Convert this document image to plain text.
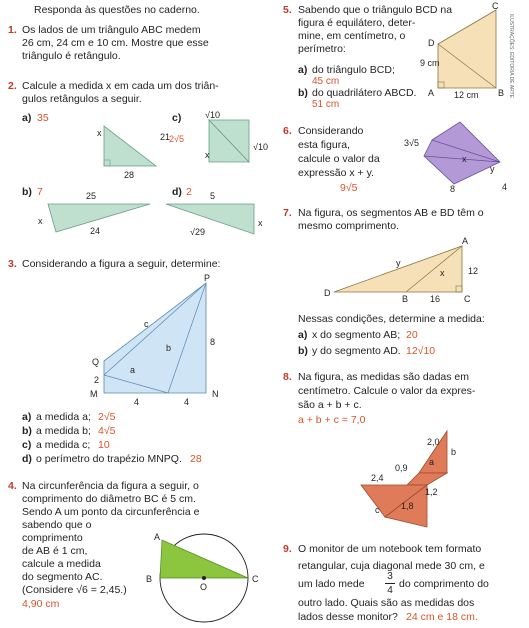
Responda às questões no caderno.
1. Os lados de um triângulo ABC medem
26 cm, 24 cm e 10 cm. Mostre que esse
triângulo é retângulo.
2. Calcule a medida x em cada um dos triân-
gulos retângulos a seguir.
a) 35
x	21
28
c)	√10
2√5
x
√10
b) 7	25
x
24
d) 2 5
√29
x
3. Considerando a figura a seguir, determine:
P
Q
M	N
c
b
a
8
2
4	4
a) a medida a; 2√5
b) a medida b; 4√5
c) a medida c; 10
d) o perímetro do trapézio MNPQ. 28
4. Na circunferência da figura a seguir, o
comprimento do diâmetro BC é 5 cm.
Sendo A um ponto da circunferência e
sabendo que o
comprimento
de AB é 1 cm,
calcule a medida
do segmento AC.
(Considere √6 = 2,45.)
4,90 cm
A
B	C
O
5. Sabendo que o triângulo BCD na
figura é equilátero, deter-
mine, em centímetro, o
perímetro:
a) do triângulo BCD;
45 cm
b) do quadrilátero ABCD.
51 cm
C
D
A	B
9 cm
12 cm	ILUSTRAÇÕES: EDITORIA DE ARTE
6. Considerando
esta figura,
calcule o valor da
expressão x + y.
9√5
x
y
3√5
8	4
7. Na figura, os segmentos AB e BD têm o
mesmo comprimento.
A
B	C
D
x
y
12
16
Nessas condições, determine a medida:
a) x do segmento AB; 20
b) y do segmento AD. 12√10
8. Na figura, as medidas são dadas em
centímetro. Calcule o valor da expres-
são a + b + c.
a + b + c = 7,0
2,0
b
0,9
a
2,4
1,2
c 1,8
9. O monitor de um notebook tem formato
retangular, cuja diagonal mede 30 cm, e
um lado mede
3
4
do comprimento do
outro lado. Quais são as medidas dos
lados desse monitor? 24 cm e 18 cm.
